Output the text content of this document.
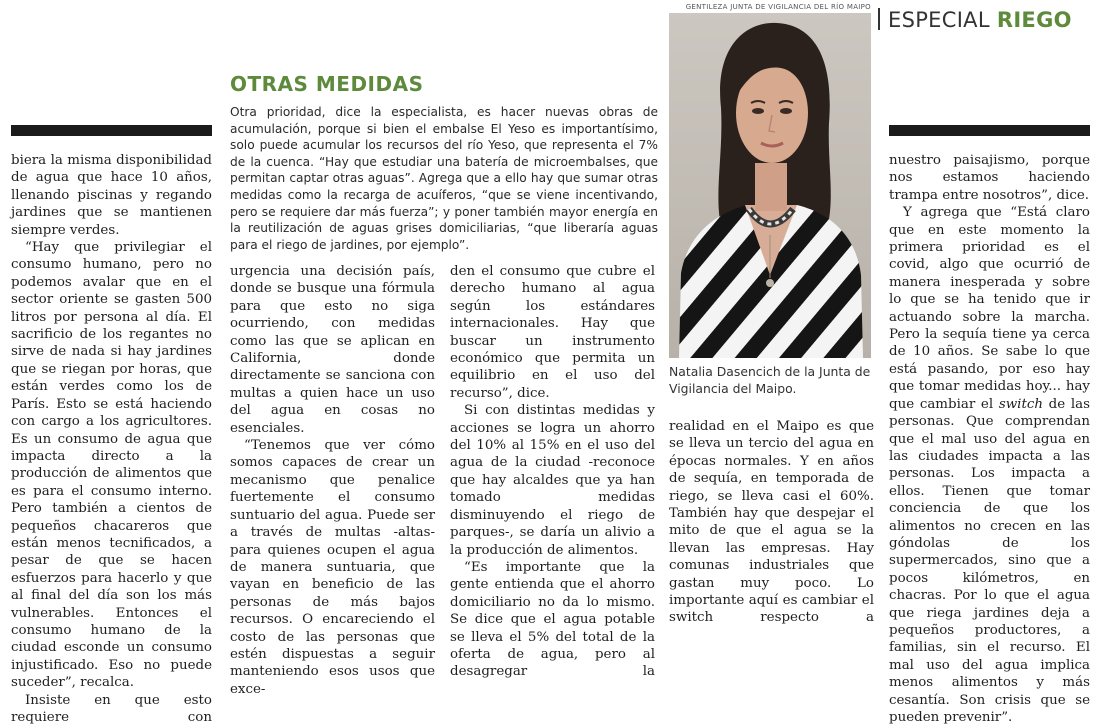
GENTILEZA JUNTA DE VIGILANCIA DEL RÍO MAIPO
ESPECIAL RIEGO
OTRAS MEDIDAS

Otra prioridad, dice la especialista, es hacer nuevas obras de acumulación, porque si bien el embalse El Yeso es importantísimo, solo puede acumular los recursos del río Yeso, que representa el 7% de la cuenca. “Hay que estudiar una batería de microembalses, que permitan captar otras aguas”. Agrega que a ello hay que sumar otras medidas como la recarga de acuíferos, “que se viene incentivando, pero se requiere dar más fuerza”; y poner también mayor energía en la reutilización de aguas grises domiciliarias, “que liberaría aguas para el riego de jardines, por ejemplo”.

biera la misma disponibilidad de agua que hace 10 años, llenando piscinas y regando jardines que se mantienen siempre verdes.

“Hay que privilegiar el consumo humano, pero no podemos avalar que en el sector oriente se gasten 500 litros por persona al día. El sacrificio de los regantes no sirve de nada si hay jardines que se riegan por horas, que están verdes como los de París. Esto se está haciendo con cargo a los agricultores. Es un consumo de agua que impacta directo a la producción de alimentos que es para el consumo interno. Pero también a cientos de pequeños chacareros que están menos tecnificados, a pesar de que se hacen esfuerzos para hacerlo y que al final del día son los más vulnerables. Entonces el consumo humano de la ciudad esconde un consumo injustificado. Eso no puede suceder”, recalca.

Insiste en que esto requiere con

urgencia una decisión país, donde se busque una fórmula para que esto no siga ocurriendo, con medidas como las que se aplican en California, donde directamente se sanciona con multas a quien hace un uso del agua en cosas no esenciales.

“Tenemos que ver cómo somos capaces de crear un mecanismo que penalice fuertemente el consumo suntuario del agua. Puede ser a través de multas -altas- para quienes ocupen el agua de manera suntuaria, que vayan en beneficio de las personas de más bajos recursos. O encareciendo el costo de las personas que estén dispuestas a seguir manteniendo esos usos que exce-

den el consumo que cubre el derecho humano al agua según los estándares internacionales. Hay que buscar un instrumento económico que permita un equilibrio en el uso del recurso”, dice.

Si con distintas medidas y acciones se logra un ahorro del 10% al 15% en el uso del agua de la ciudad -reconoce que hay alcaldes que ya han tomado medidas disminuyendo el riego de parques-, se daría un alivio a la producción de alimentos.

“Es importante que la gente entienda que el ahorro domiciliario no da lo mismo. Se dice que el agua potable se lleva el 5% del total de la oferta de agua, pero al desagregar la

Natalia Dasencich de la Junta de Vigilancia del Maipo.

realidad en el Maipo es que se lleva un tercio del agua en épocas normales. Y en años de sequía, en temporada de riego, se lleva casi el 60%. También hay que despejar el mito de que el agua se la llevan las empresas. Hay comunas industriales que gastan muy poco. Lo importante aquí es cambiar el switch respecto a

nuestro paisajismo, porque nos estamos haciendo trampa entre nosotros”, dice.

Y agrega que “Está claro que en este momento la primera prioridad es el covid, algo que ocurrió de manera inesperada y sobre lo que se ha tenido que ir actuando sobre la marcha. Pero la sequía tiene ya cerca de 10 años. Se sabe lo que está pasando, por eso hay que tomar medidas hoy... hay que cambiar el switch de las personas. Que comprendan que el mal uso del agua en las ciudades impacta a las personas. Los impacta a ellos. Tienen que tomar conciencia de que los alimentos no crecen en las góndolas de los supermercados, sino que a pocos kilómetros, en chacras. Por lo que el agua que riega jardines deja a pequeños productores, a familias, sin el recurso. El mal uso del agua implica menos alimentos y más cesantía. Son crisis que se pueden prevenir”.
